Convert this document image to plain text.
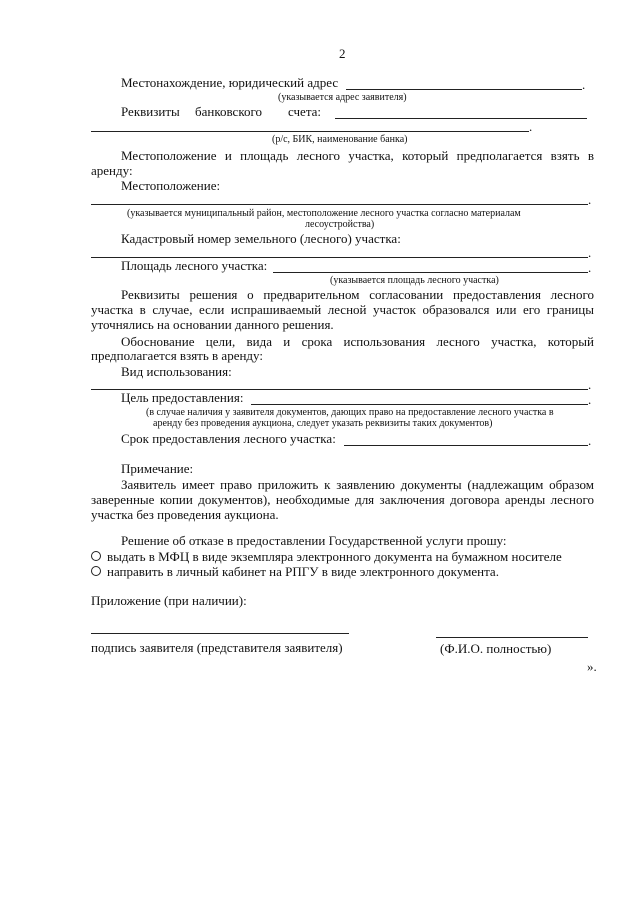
2
Местонахождение, юридический адрес	.
(указывается адрес заявителя)
Реквизиты банковского счета:
.
(р/с, БИК, наименование банка)
Местоположение и площадь лесного участка, который предполагается взять в
аренду:
Местоположение:
.
(указывается муниципальный район, местоположение лесного участка согласно материалам
лесоустройства)
Кадастровый номер земельного (лесного) участка:
.
Площадь лесного участка:	.
(указывается площадь лесного участка)
Реквизиты решения о предварительном согласовании предоставления лесного
участка в случае, если испрашиваемый лесной участок образовался или его границы
уточнялись на основании данного решения.
Обоснование цели, вида и срока использования лесного участка, который
предполагается взять в аренду:
Вид использования:
.
Цель предоставления:	.
(в случае наличия у заявителя документов, дающих право на предоставление лесного участка в
аренду без проведения аукциона, следует указать реквизиты таких документов)
Срок предоставления лесного участка:	.
Примечание:
Заявитель имеет право приложить к заявлению документы (надлежащим образом
заверенные копии документов), необходимые для заключения договора аренды лесного
участка без проведения аукциона.
Решение об отказе в предоставлении Государственной услуги прошу:
выдать в МФЦ в виде экземпляра электронного документа на бумажном носителе
направить в личный кабинет на РПГУ в виде электронного документа.
Приложение (при наличии):
подпись заявителя (представителя заявителя)	(Ф.И.О. полностью)
».
